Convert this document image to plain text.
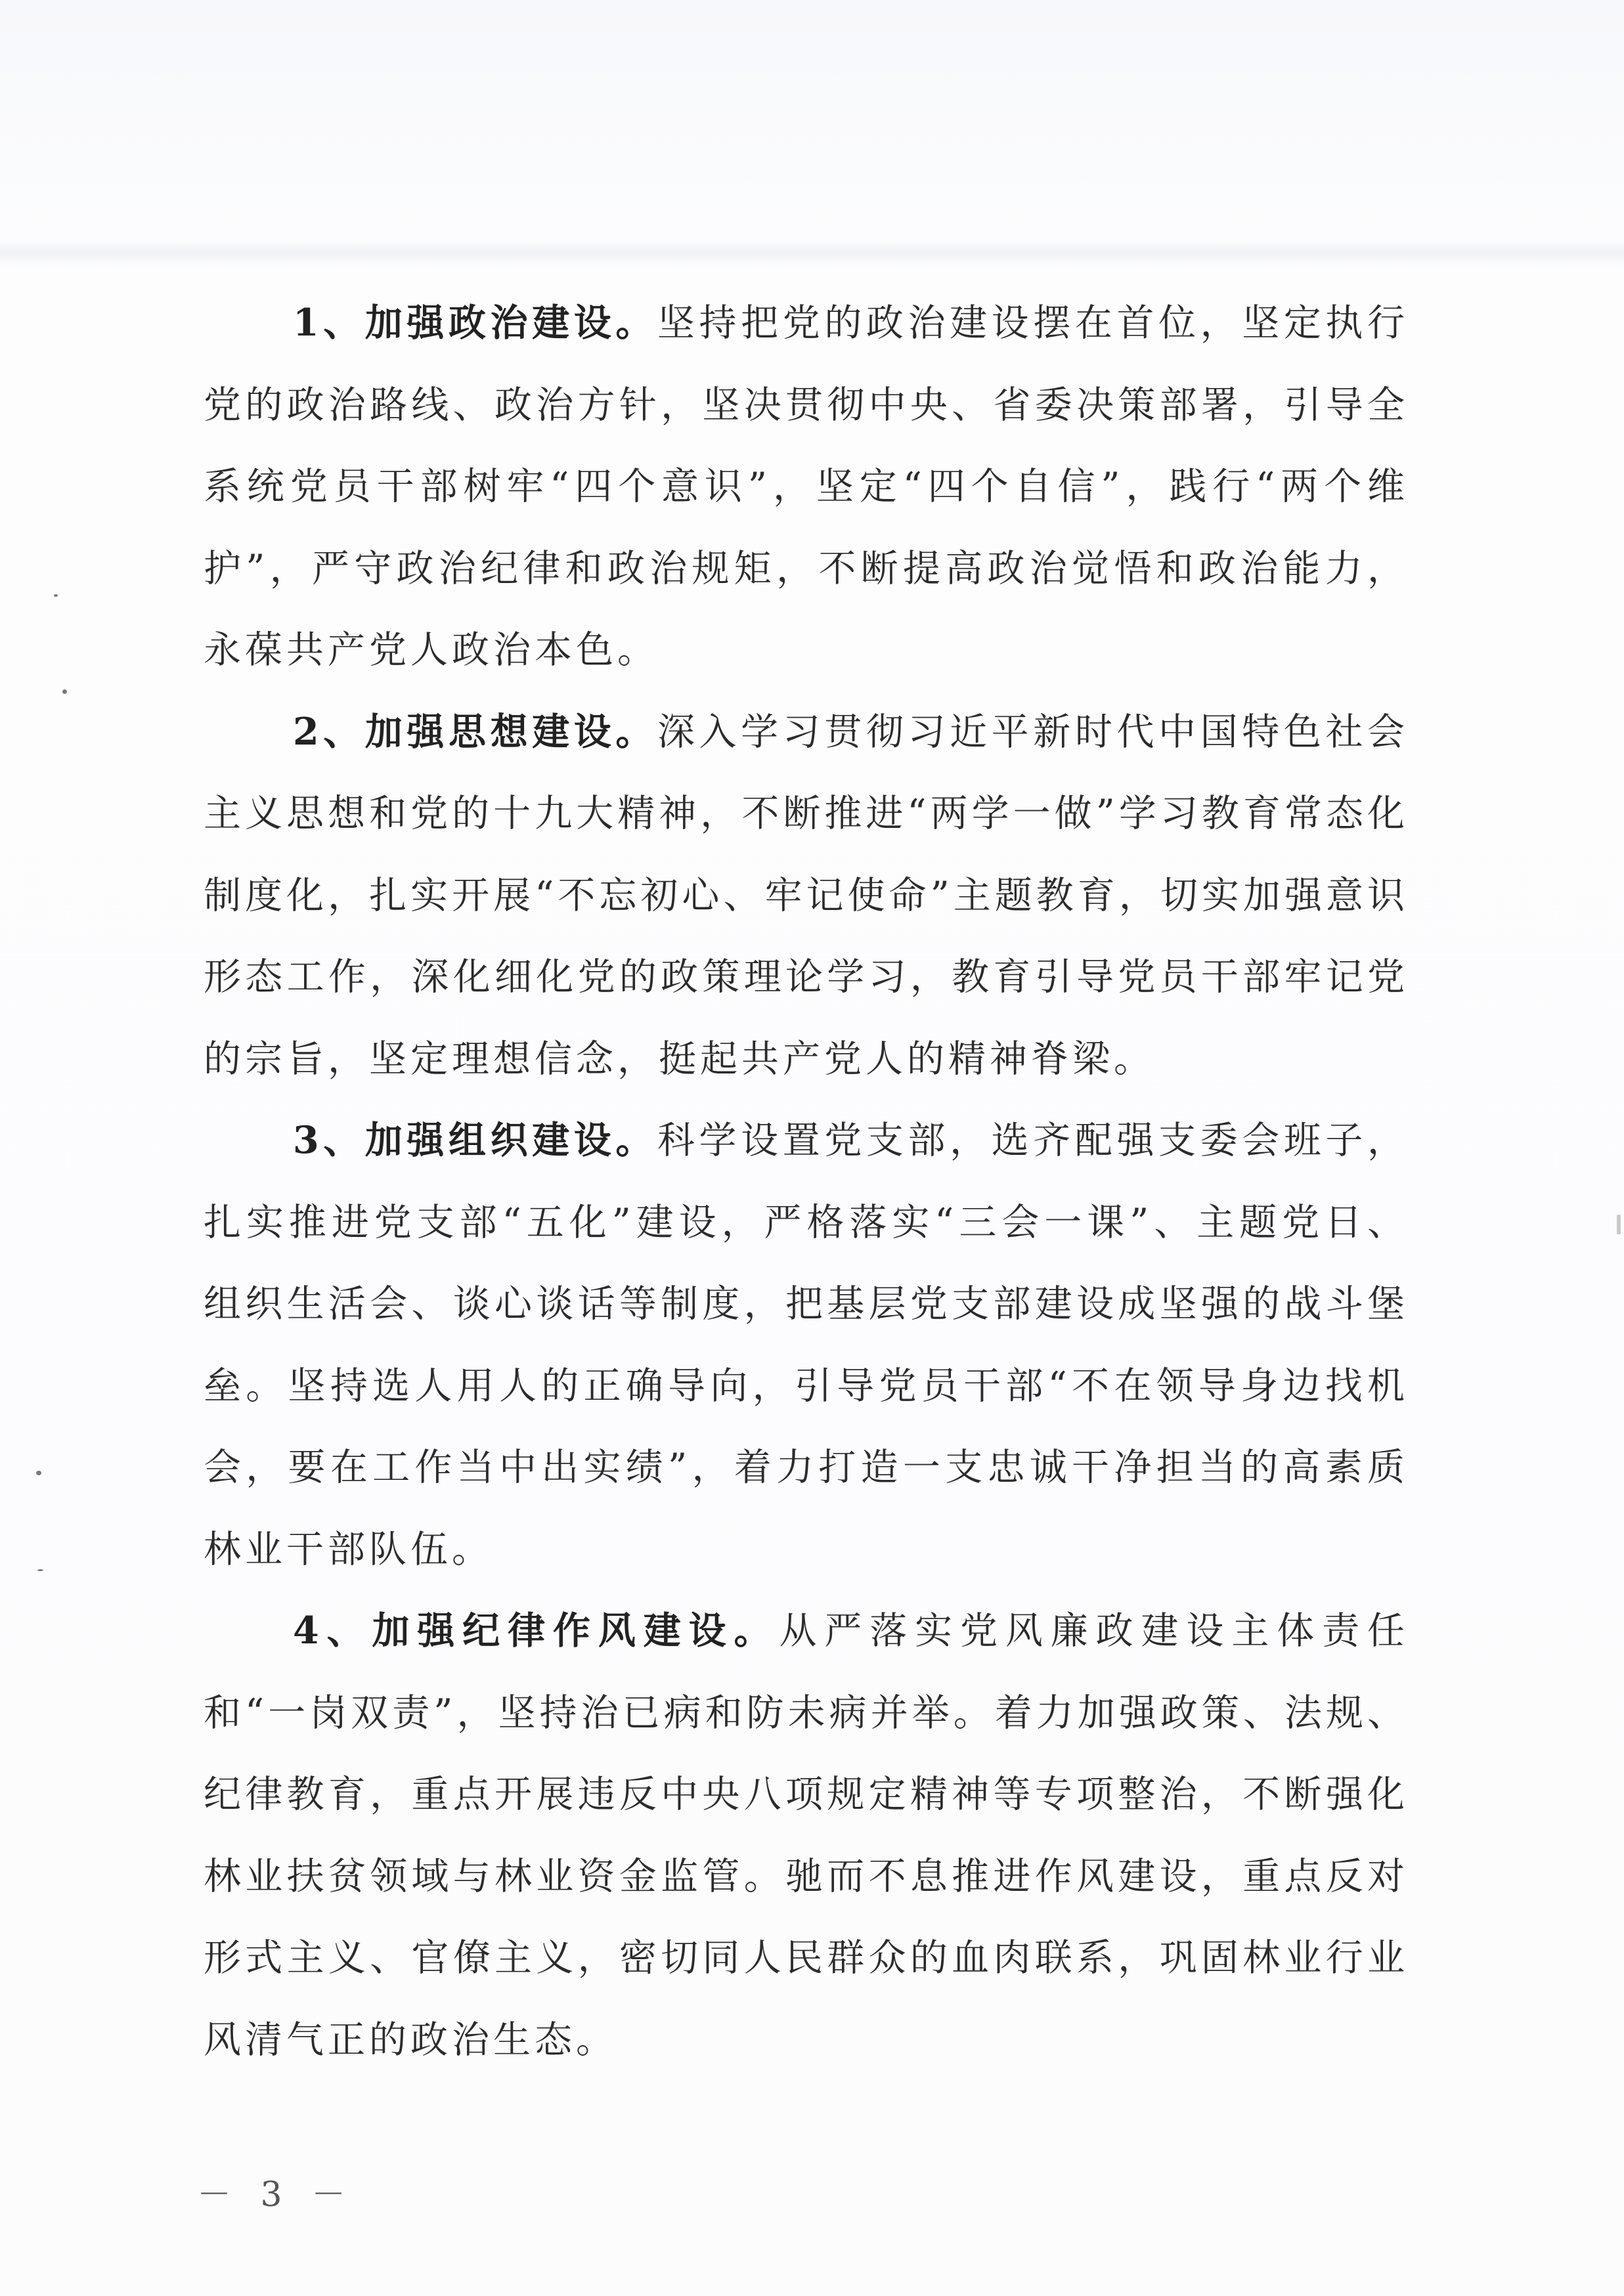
1、加强政治建设。坚持把党的政治建设摆在首位，坚定执行党的政治路线、政治方针，坚决贯彻中央、省委决策部署，引导全系统党员干部树牢“四个意识”，坚定“四个自信”，践行“两个维护”，严守政治纪律和政治规矩，不断提高政治觉悟和政治能力，永葆共产党人政治本色。

2、加强思想建设。深入学习贯彻习近平新时代中国特色社会主义思想和党的十九大精神，不断推进“两学一做”学习教育常态化制度化，扎实开展“不忘初心、牢记使命”主题教育，切实加强意识形态工作，深化细化党的政策理论学习，教育引导党员干部牢记党的宗旨，坚定理想信念，挺起共产党人的精神脊梁。

3、加强组织建设。科学设置党支部，选齐配强支委会班子，扎实推进党支部“五化”建设，严格落实“三会一课”、主题党日、组织生活会、谈心谈话等制度，把基层党支部建设成坚强的战斗堡垒。坚持选人用人的正确导向，引导党员干部“不在领导身边找机会，要在工作当中出实绩”，着力打造一支忠诚干净担当的高素质林业干部队伍。

4、加强纪律作风建设。从严落实党风廉政建设主体责任和“一岗双责”，坚持治已病和防未病并举。着力加强政策、法规、纪律教育，重点开展违反中央八项规定精神等专项整治，不断强化林业扶贫领域与林业资金监管。驰而不息推进作风建设，重点反对形式主义、官僚主义，密切同人民群众的血肉联系，巩固林业行业风清气正的政治生态。

－ 3 －
